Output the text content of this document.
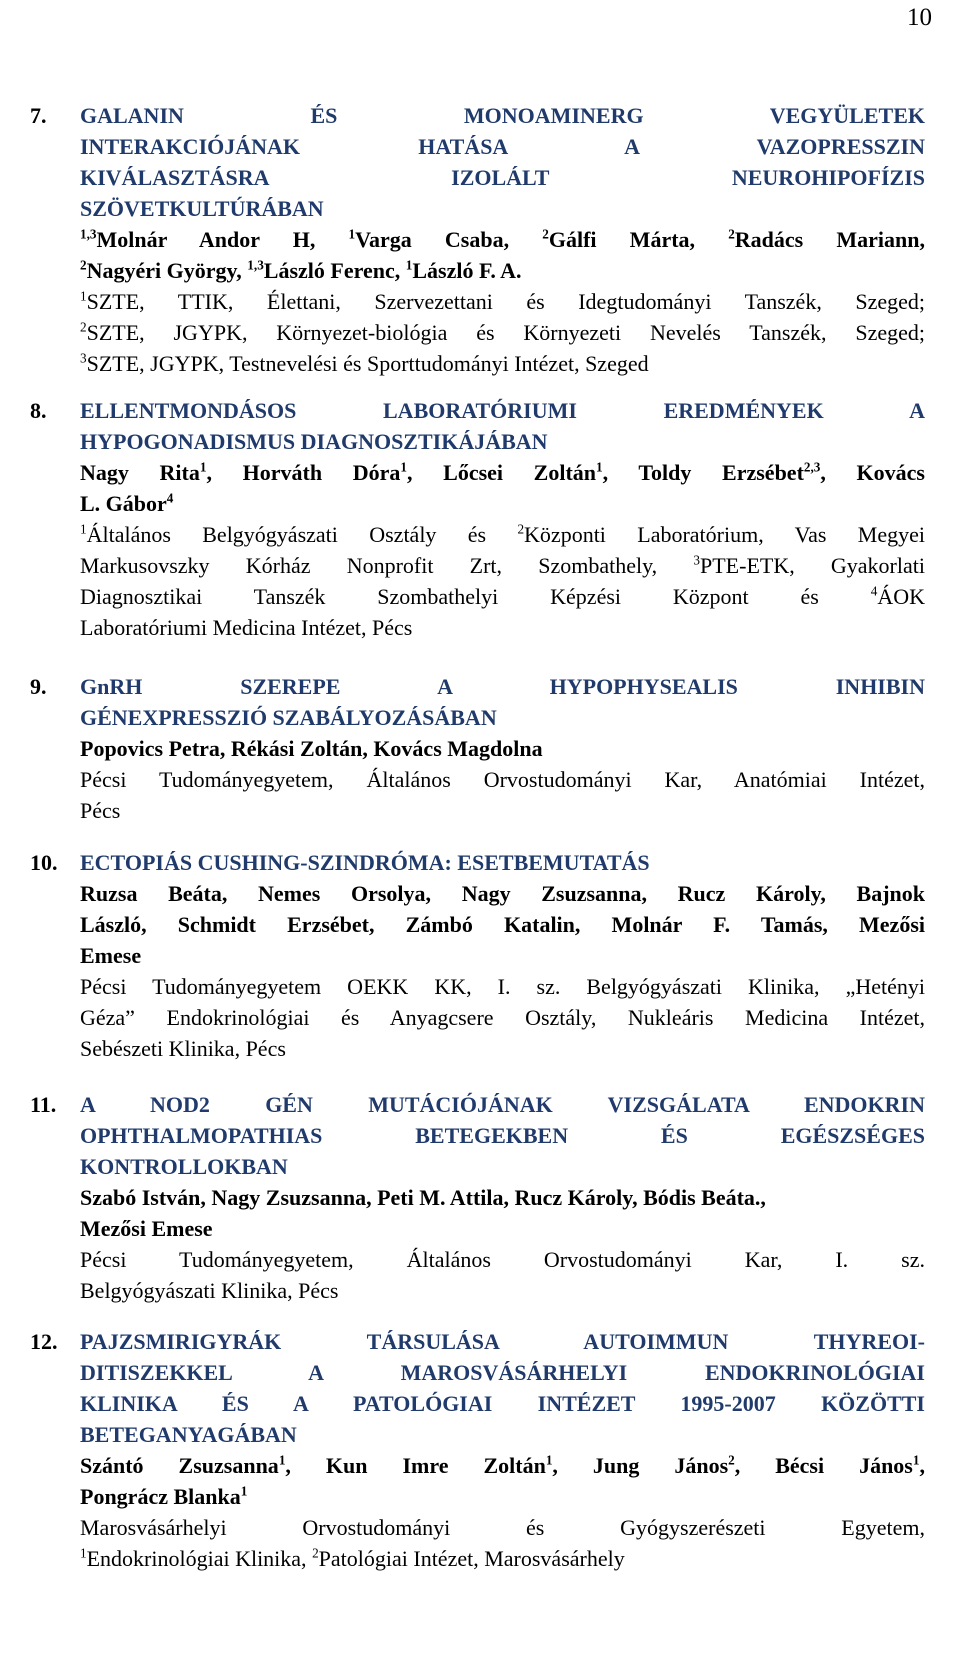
10
7. GALANIN ÉS MONOAMINERG VEGYÜLETEK
INTERAKCIÓJÁNAK HATÁSA A VAZOPRESSZIN
KIVÁLASZTÁSRA IZOLÁLT NEUROHIPOFÍZIS
SZÖVETKULTÚRÁBAN
$^{1,3}$Molnár Andor H, $^1$Varga Csaba, $^2$Gálfi Márta, $^2$Radács Mariann,
$^2$Nagyéri György, $^{1,3}$László Ferenc, $^1$László F. A.
$^1$SZTE, TTIK, Élettani, Szervezettani és Idegtudományi Tanszék, Szeged;
$^2$SZTE, JGYPK, Környezet-biológia és Környezeti Nevelés Tanszék, Szeged;
$^3$SZTE, JGYPK, Testnevelési és Sporttudományi Intézet, Szeged
8. ELLENTMONDÁSOS LABORATÓRIUMI EREDMÉNYEK A
HYPOGONADISMUS DIAGNOSZTIKÁJÁBAN
Nagy Rita$^1$, Horváth Dóra$^1$, Lőcsei Zoltán$^1$, Toldy Erzsébet$^{2,3}$, Kovács
L. Gábor$^4$
$^1$Általános Belgyógyászati Osztály és $^2$Központi Laboratórium, Vas Megyei
Markusovszky Kórház Nonprofit Zrt, Szombathely, $^3$PTE-ETK, Gyakorlati
Diagnosztikai Tanszék Szombathelyi Képzési Központ és $^4$ÁOK
Laboratóriumi Medicina Intézet, Pécs
9. GnRH SZEREPE A HYPOPHYSEALIS INHIBIN
GÉNEXPRESSZIÓ SZABÁLYOZÁSÁBAN
Popovics Petra, Rékási Zoltán, Kovács Magdolna
Pécsi Tudományegyetem, Általános Orvostudományi Kar, Anatómiai Intézet,
Pécs
10. ECTOPIÁS CUSHING-SZINDRÓMA: ESETBEMUTATÁS
Ruzsa Beáta, Nemes Orsolya, Nagy Zsuzsanna, Rucz Károly, Bajnok
László, Schmidt Erzsébet, Zámbó Katalin, Molnár F. Tamás, Mezősi
Emese
Pécsi Tudományegyetem OEKK KK, I. sz. Belgyógyászati Klinika, „Hetényi
Géza” Endokrinológiai és Anyagcsere Osztály, Nukleáris Medicina Intézet,
Sebészeti Klinika, Pécs
11. A NOD2 GÉN MUTÁCIÓJÁNAK VIZSGÁLATA ENDOKRIN
OPHTHALMOPATHIAS BETEGEKBEN ÉS EGÉSZSÉGES
KONTROLLOKBAN
Szabó István, Nagy Zsuzsanna, Peti M. Attila, Rucz Károly, Bódis Beáta.,
Mezősi Emese
Pécsi Tudományegyetem, Általános Orvostudományi Kar, I. sz.
Belgyógyászati Klinika, Pécs
12. PAJZSMIRIGYRÁK TÁRSULÁSA AUTOIMMUN THYREOI-
DITISZEKKEL A MAROSVÁSÁRHELYI ENDOKRINOLÓGIAI
KLINIKA ÉS A PATOLÓGIAI INTÉZET 1995-2007 KÖZÖTTI
BETEGANYAGÁBAN
Szántó Zsuzsanna$^1$, Kun Imre Zoltán$^1$, Jung János$^2$, Bécsi János$^1$,
Pongrácz Blanka$^1$
Marosvásárhelyi Orvostudományi és Gyógyszerészeti Egyetem,
$^1$Endokrinológiai Klinika, $^2$Patológiai Intézet, Marosvásárhely
